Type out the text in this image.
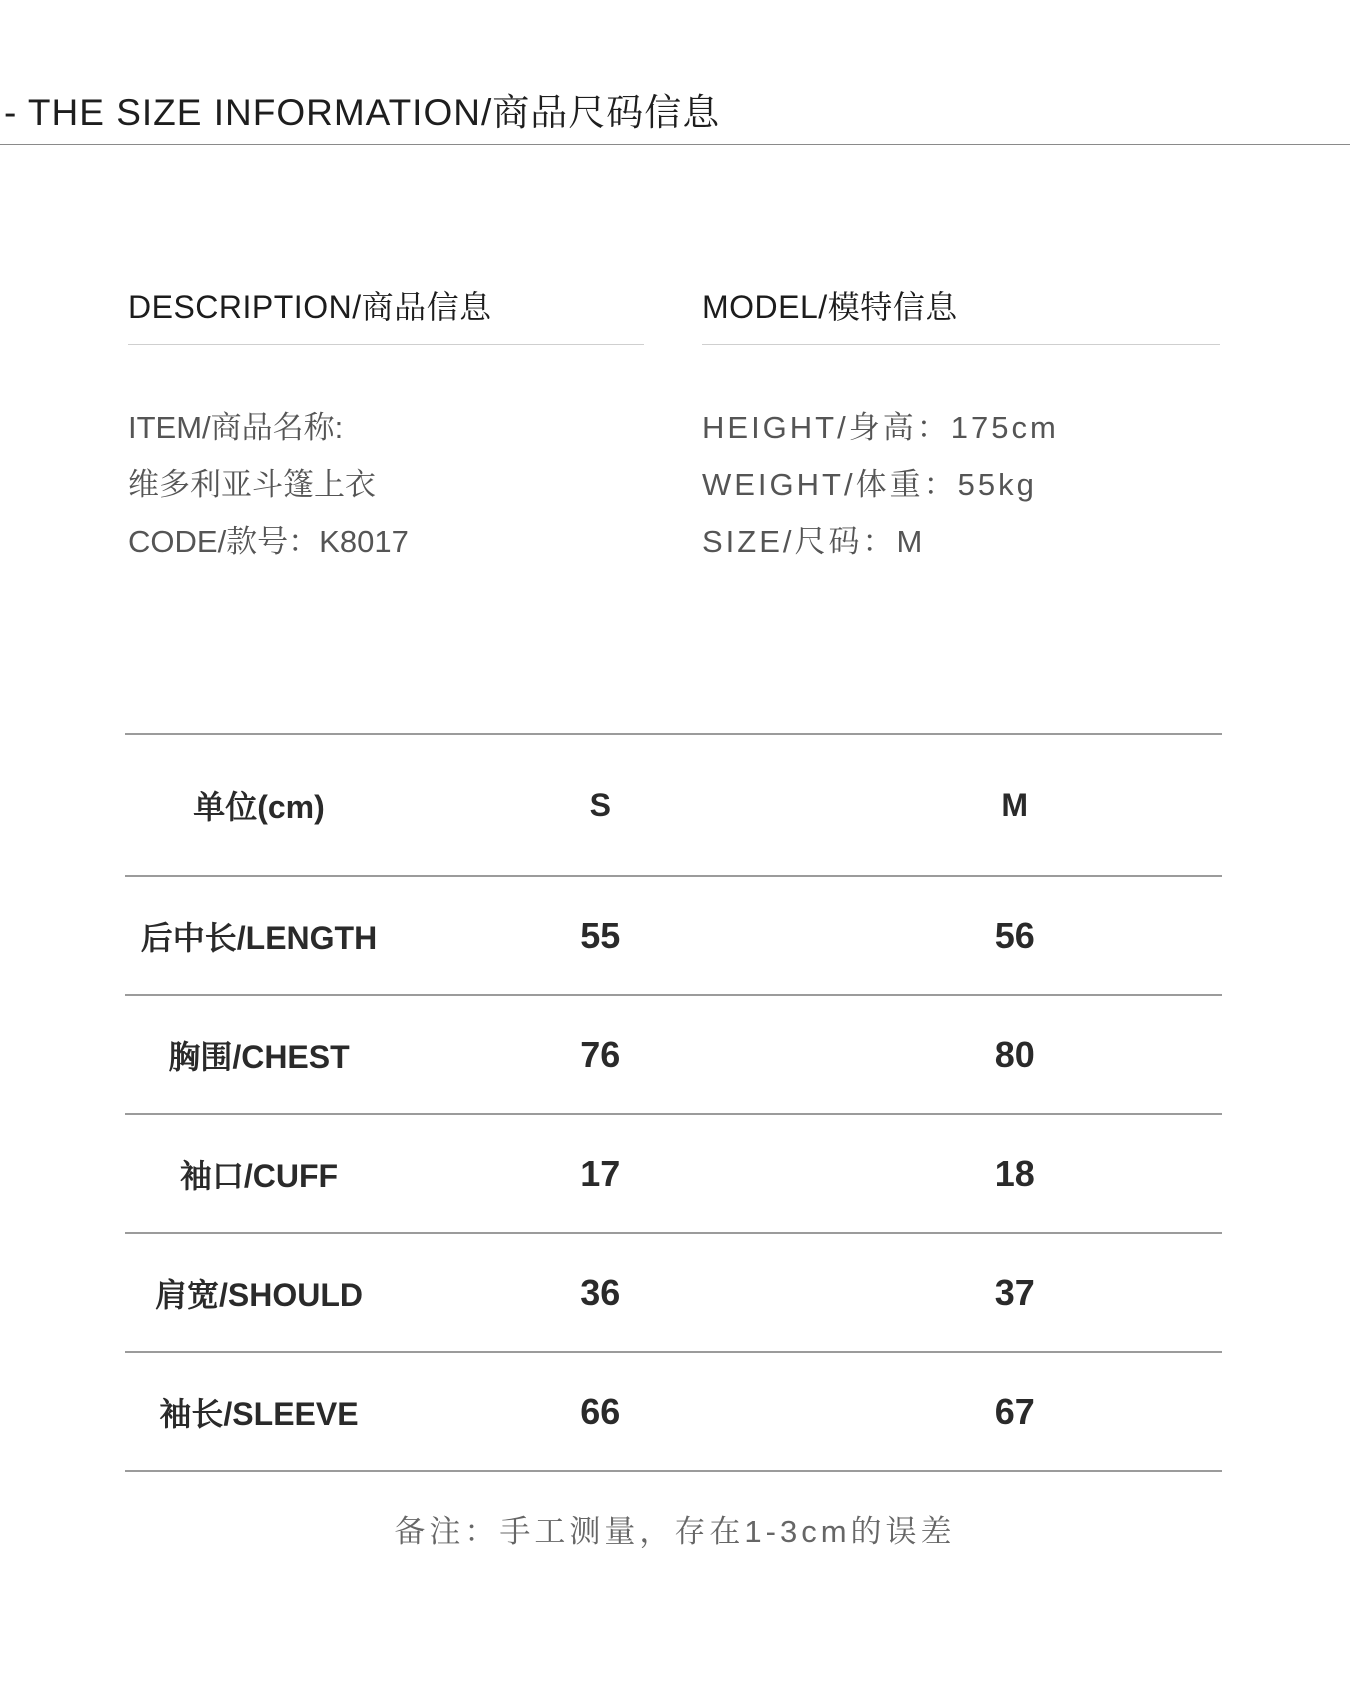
- THE SIZE INFORMATION/商品尺码信息
DESCRIPTION/商品信息
ITEM/商品名称:
维多利亚斗篷上衣
CODE/款号：K8017
MODEL/模特信息
HEIGHT/身高：175cm
WEIGHT/体重：55kg
SIZE/尺码：M
单位(cm)	S	M
后中长/LENGTH	55	56
胸围/CHEST	76	80
袖口/CUFF	17	18
肩宽/SHOULD	36	37
袖长/SLEEVE	66	67
备注：手工测量，存在1-3cm的误差
